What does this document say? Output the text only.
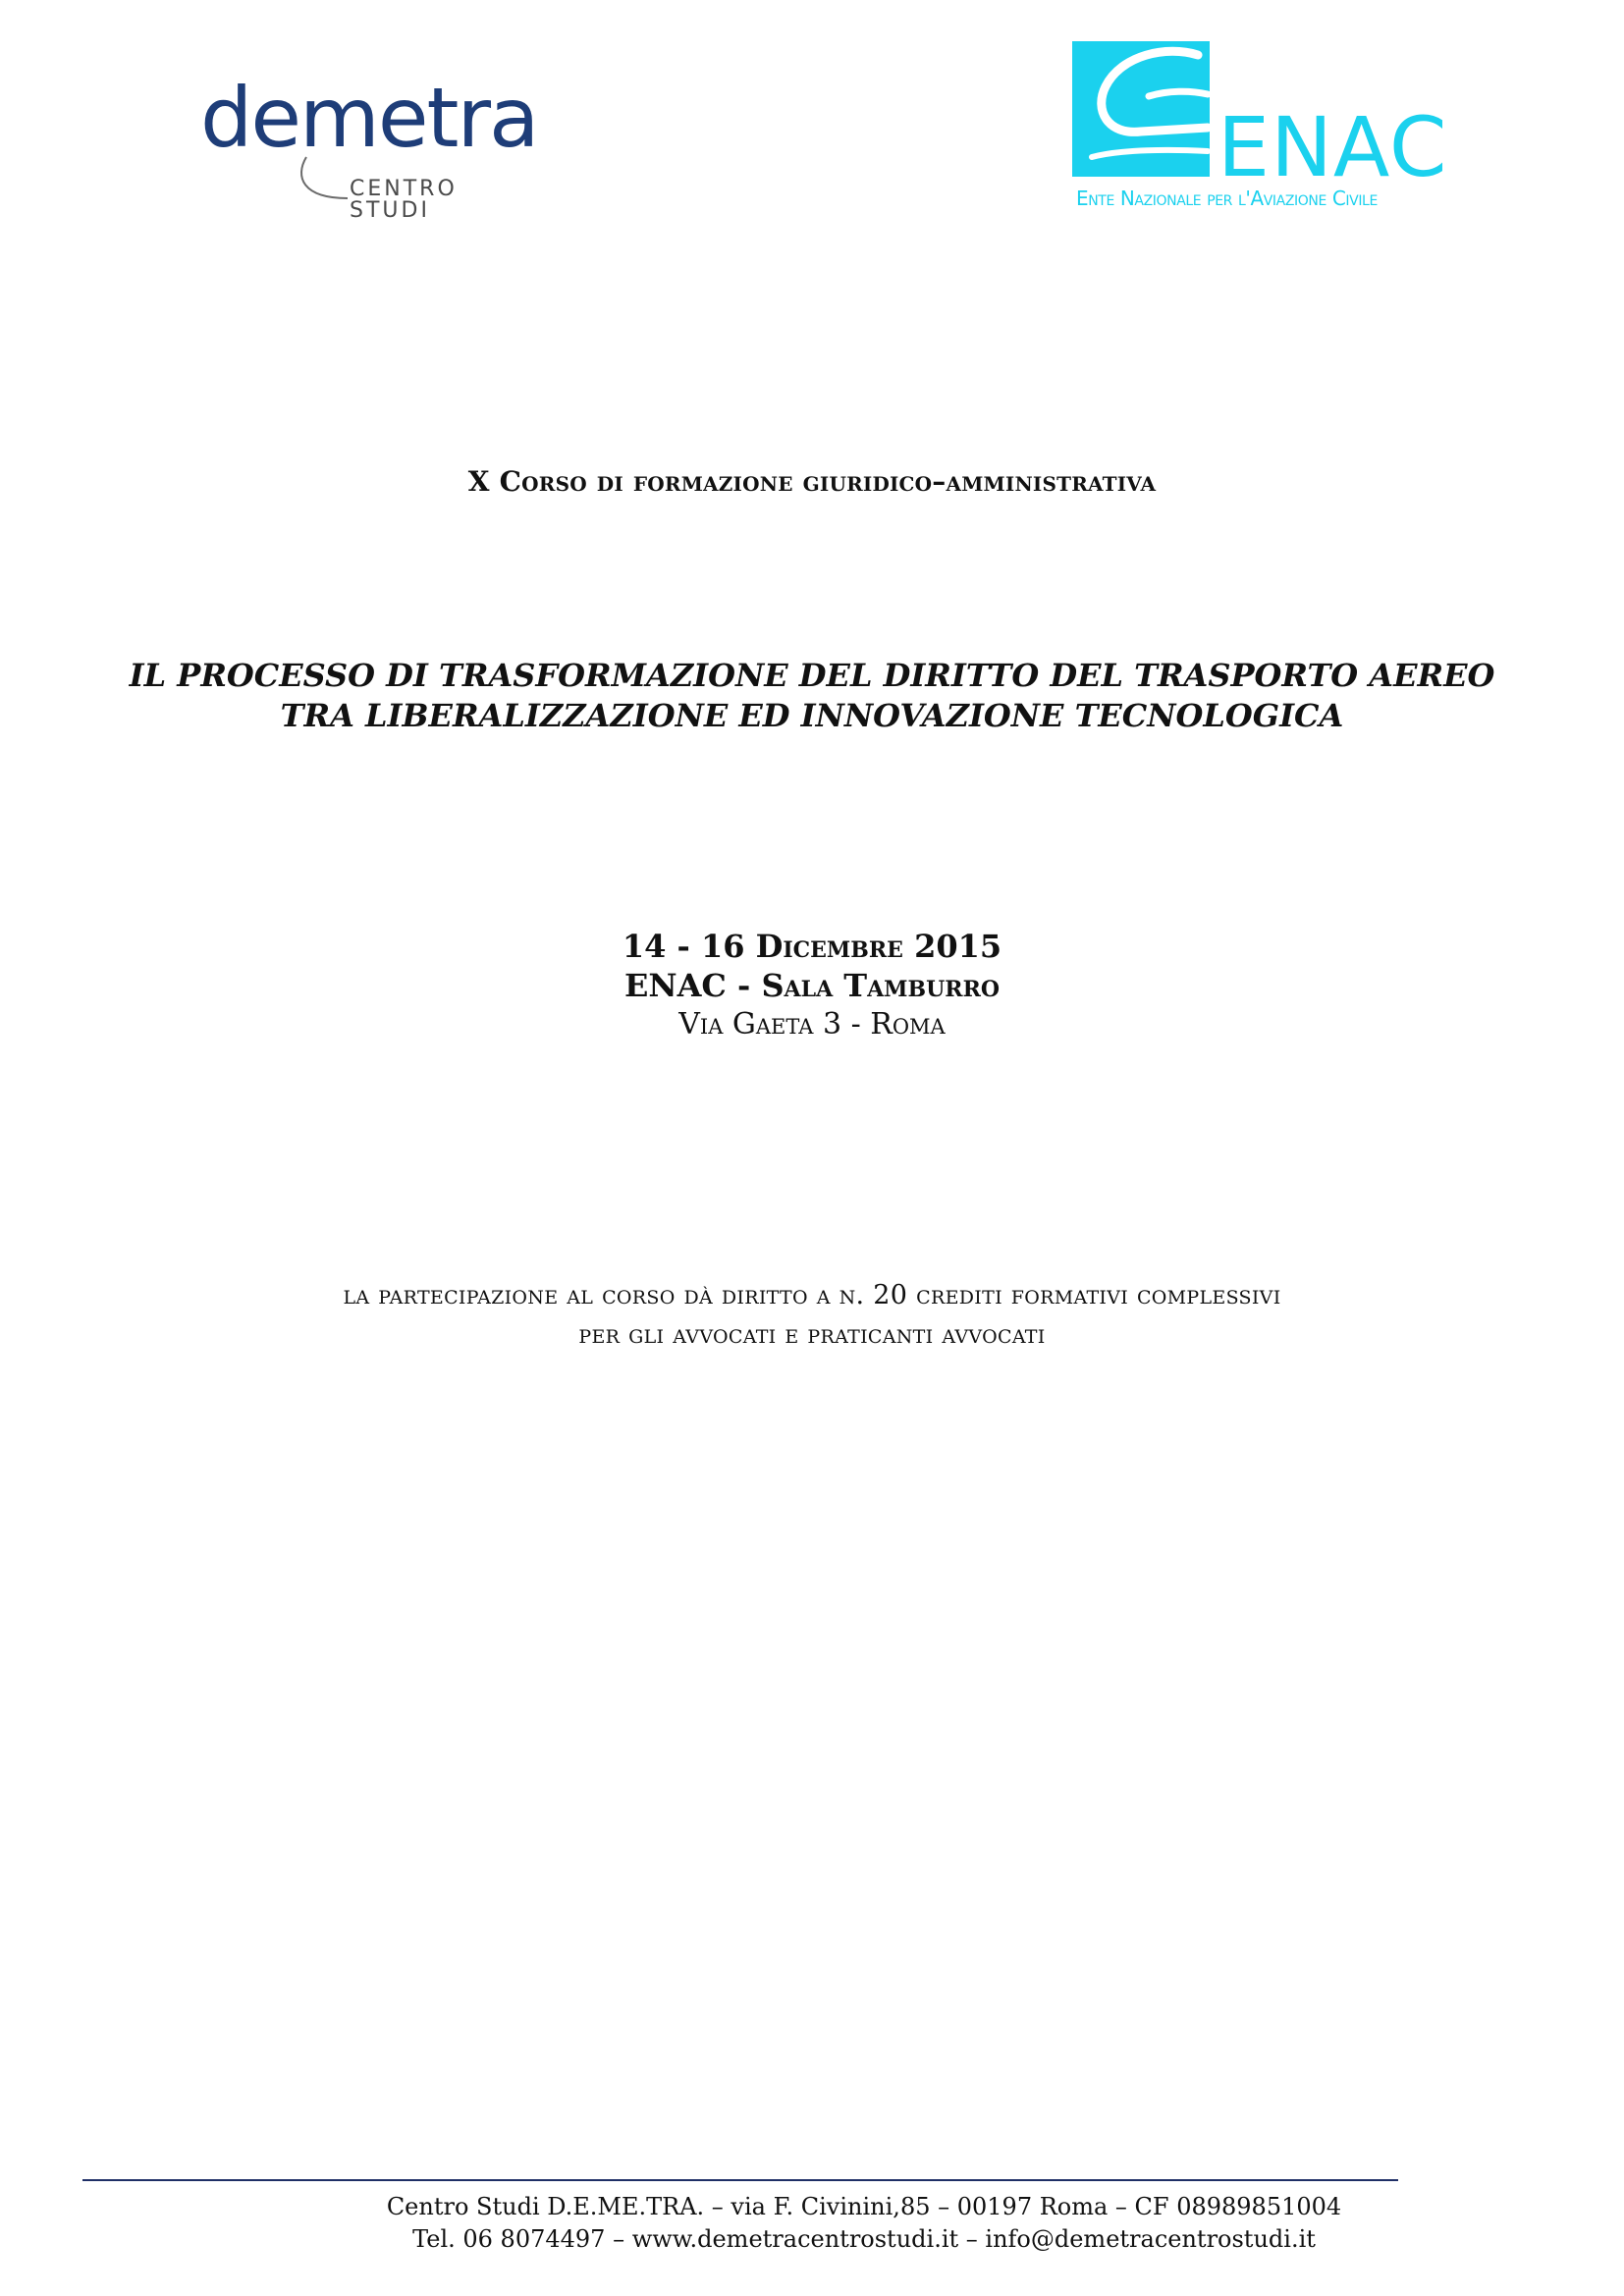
demetra
CENTRO STUDI
ENAC
Ente Nazionale per l'Aviazione Civile
X Corso di formazione giuridico–amministrativa
IL PROCESSO DI TRASFORMAZIONE DEL DIRITTO DEL TRASPORTO AEREO
TRA LIBERALIZZAZIONE ED INNOVAZIONE TECNOLOGICA
14 - 16 Dicembre 2015
ENAC - Sala Tamburro
Via Gaeta 3 - Roma
la partecipazione al corso dà diritto a n. 20 crediti formativi complessivi
per gli avvocati e praticanti avvocati
Centro Studi D.E.ME.TRA. – via F. Civinini,85 – 00197 Roma – CF 08989851004
Tel. 06 8074497 – www.demetracentrostudi.it – info@demetracentrostudi.it
